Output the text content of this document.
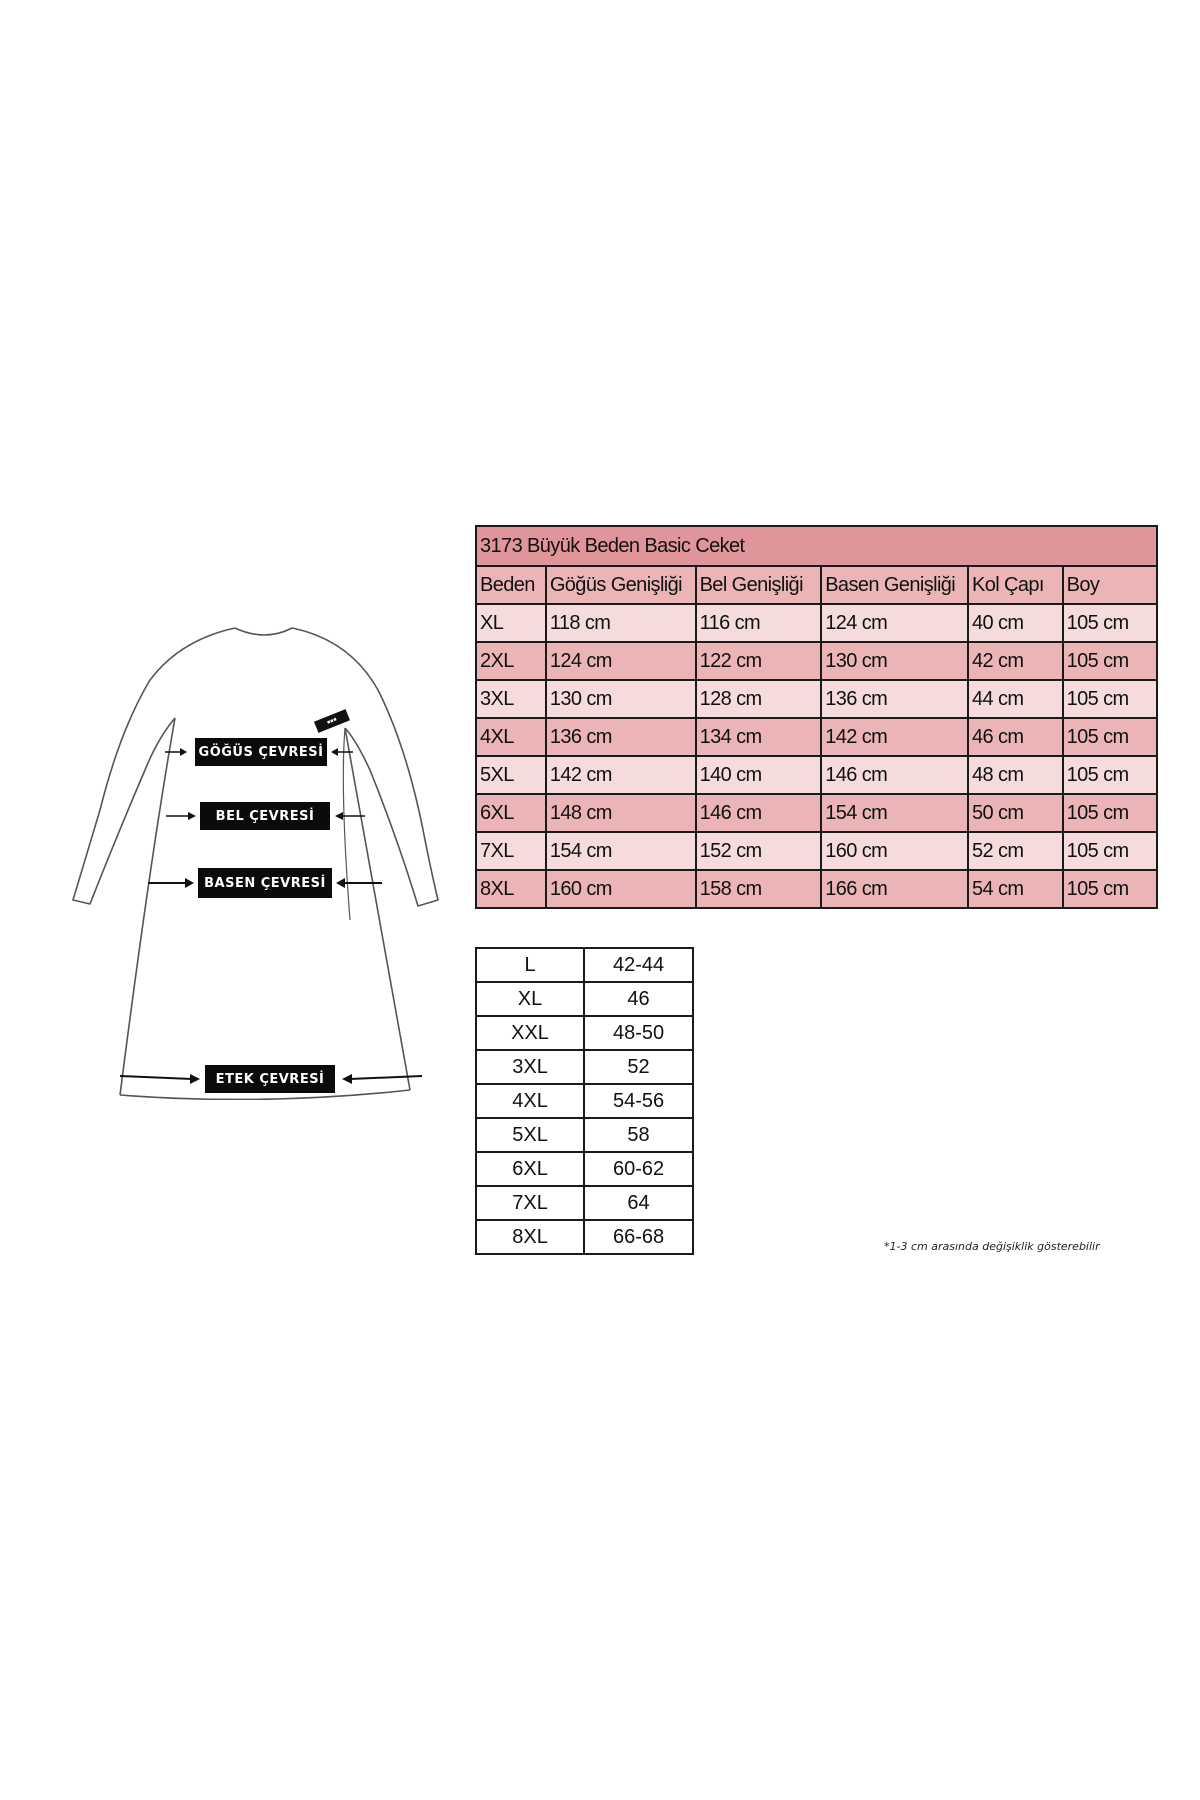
▪▪▪
GÖĞÜS ÇEVRESİ
BEL ÇEVRESİ
BASEN ÇEVRESİ
ETEK ÇEVRESİ
3173 Büyük Beden Basic Ceket					
Beden	Göğüs Genişliği	Bel Genişliği	Basen Genişliği	Kol Çapı	Boy
XL	118 cm	116 cm	124 cm	40 cm	105 cm
2XL	124 cm	122 cm	130 cm	42 cm	105 cm
3XL	130 cm	128 cm	136 cm	44 cm	105 cm
4XL	136 cm	134 cm	142 cm	46 cm	105 cm
5XL	142 cm	140 cm	146 cm	48 cm	105 cm
6XL	148 cm	146 cm	154 cm	50 cm	105 cm
7XL	154 cm	152 cm	160 cm	52 cm	105 cm
8XL	160 cm	158 cm	166 cm	54 cm	105 cm
L	42-44
XL	46
XXL	48-50
3XL	52
4XL	54-56
5XL	58
6XL	60-62
7XL	64
8XL	66-68	*1-3 cm arasında değişiklik gösterebilir
